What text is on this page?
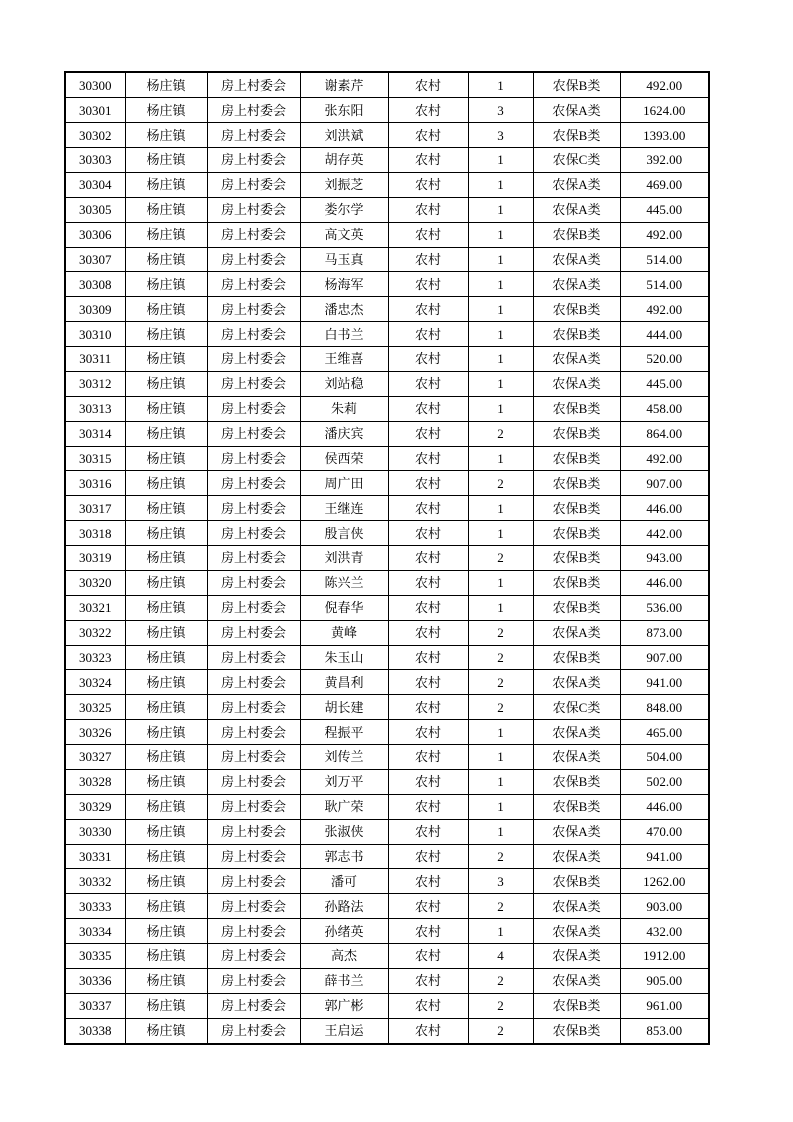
30300	杨庄镇	房上村委会	谢素芹	农村	1	农保B类	492.00
30301	杨庄镇	房上村委会	张东阳	农村	3	农保A类	1624.00
30302	杨庄镇	房上村委会	刘洪斌	农村	3	农保B类	1393.00
30303	杨庄镇	房上村委会	胡存英	农村	1	农保C类	392.00
30304	杨庄镇	房上村委会	刘振芝	农村	1	农保A类	469.00
30305	杨庄镇	房上村委会	娄尔学	农村	1	农保A类	445.00
30306	杨庄镇	房上村委会	高文英	农村	1	农保B类	492.00
30307	杨庄镇	房上村委会	马玉真	农村	1	农保A类	514.00
30308	杨庄镇	房上村委会	杨海军	农村	1	农保A类	514.00
30309	杨庄镇	房上村委会	潘忠杰	农村	1	农保B类	492.00
30310	杨庄镇	房上村委会	白书兰	农村	1	农保B类	444.00
30311	杨庄镇	房上村委会	王维喜	农村	1	农保A类	520.00
30312	杨庄镇	房上村委会	刘站稳	农村	1	农保A类	445.00
30313	杨庄镇	房上村委会	朱莉	农村	1	农保B类	458.00
30314	杨庄镇	房上村委会	潘庆宾	农村	2	农保B类	864.00
30315	杨庄镇	房上村委会	侯西荣	农村	1	农保B类	492.00
30316	杨庄镇	房上村委会	周广田	农村	2	农保B类	907.00
30317	杨庄镇	房上村委会	王继连	农村	1	农保B类	446.00
30318	杨庄镇	房上村委会	殷言侠	农村	1	农保B类	442.00
30319	杨庄镇	房上村委会	刘洪青	农村	2	农保B类	943.00
30320	杨庄镇	房上村委会	陈兴兰	农村	1	农保B类	446.00
30321	杨庄镇	房上村委会	倪春华	农村	1	农保B类	536.00
30322	杨庄镇	房上村委会	黄峰	农村	2	农保A类	873.00
30323	杨庄镇	房上村委会	朱玉山	农村	2	农保B类	907.00
30324	杨庄镇	房上村委会	黄昌利	农村	2	农保A类	941.00
30325	杨庄镇	房上村委会	胡长建	农村	2	农保C类	848.00
30326	杨庄镇	房上村委会	程振平	农村	1	农保A类	465.00
30327	杨庄镇	房上村委会	刘传兰	农村	1	农保A类	504.00
30328	杨庄镇	房上村委会	刘万平	农村	1	农保B类	502.00
30329	杨庄镇	房上村委会	耿广荣	农村	1	农保B类	446.00
30330	杨庄镇	房上村委会	张淑侠	农村	1	农保A类	470.00
30331	杨庄镇	房上村委会	郭志书	农村	2	农保A类	941.00
30332	杨庄镇	房上村委会	潘可	农村	3	农保B类	1262.00
30333	杨庄镇	房上村委会	孙路法	农村	2	农保A类	903.00
30334	杨庄镇	房上村委会	孙绪英	农村	1	农保A类	432.00
30335	杨庄镇	房上村委会	高杰	农村	4	农保A类	1912.00
30336	杨庄镇	房上村委会	薛书兰	农村	2	农保A类	905.00
30337	杨庄镇	房上村委会	郭广彬	农村	2	农保B类	961.00
30338	杨庄镇	房上村委会	王启运	农村	2	农保B类	853.00
